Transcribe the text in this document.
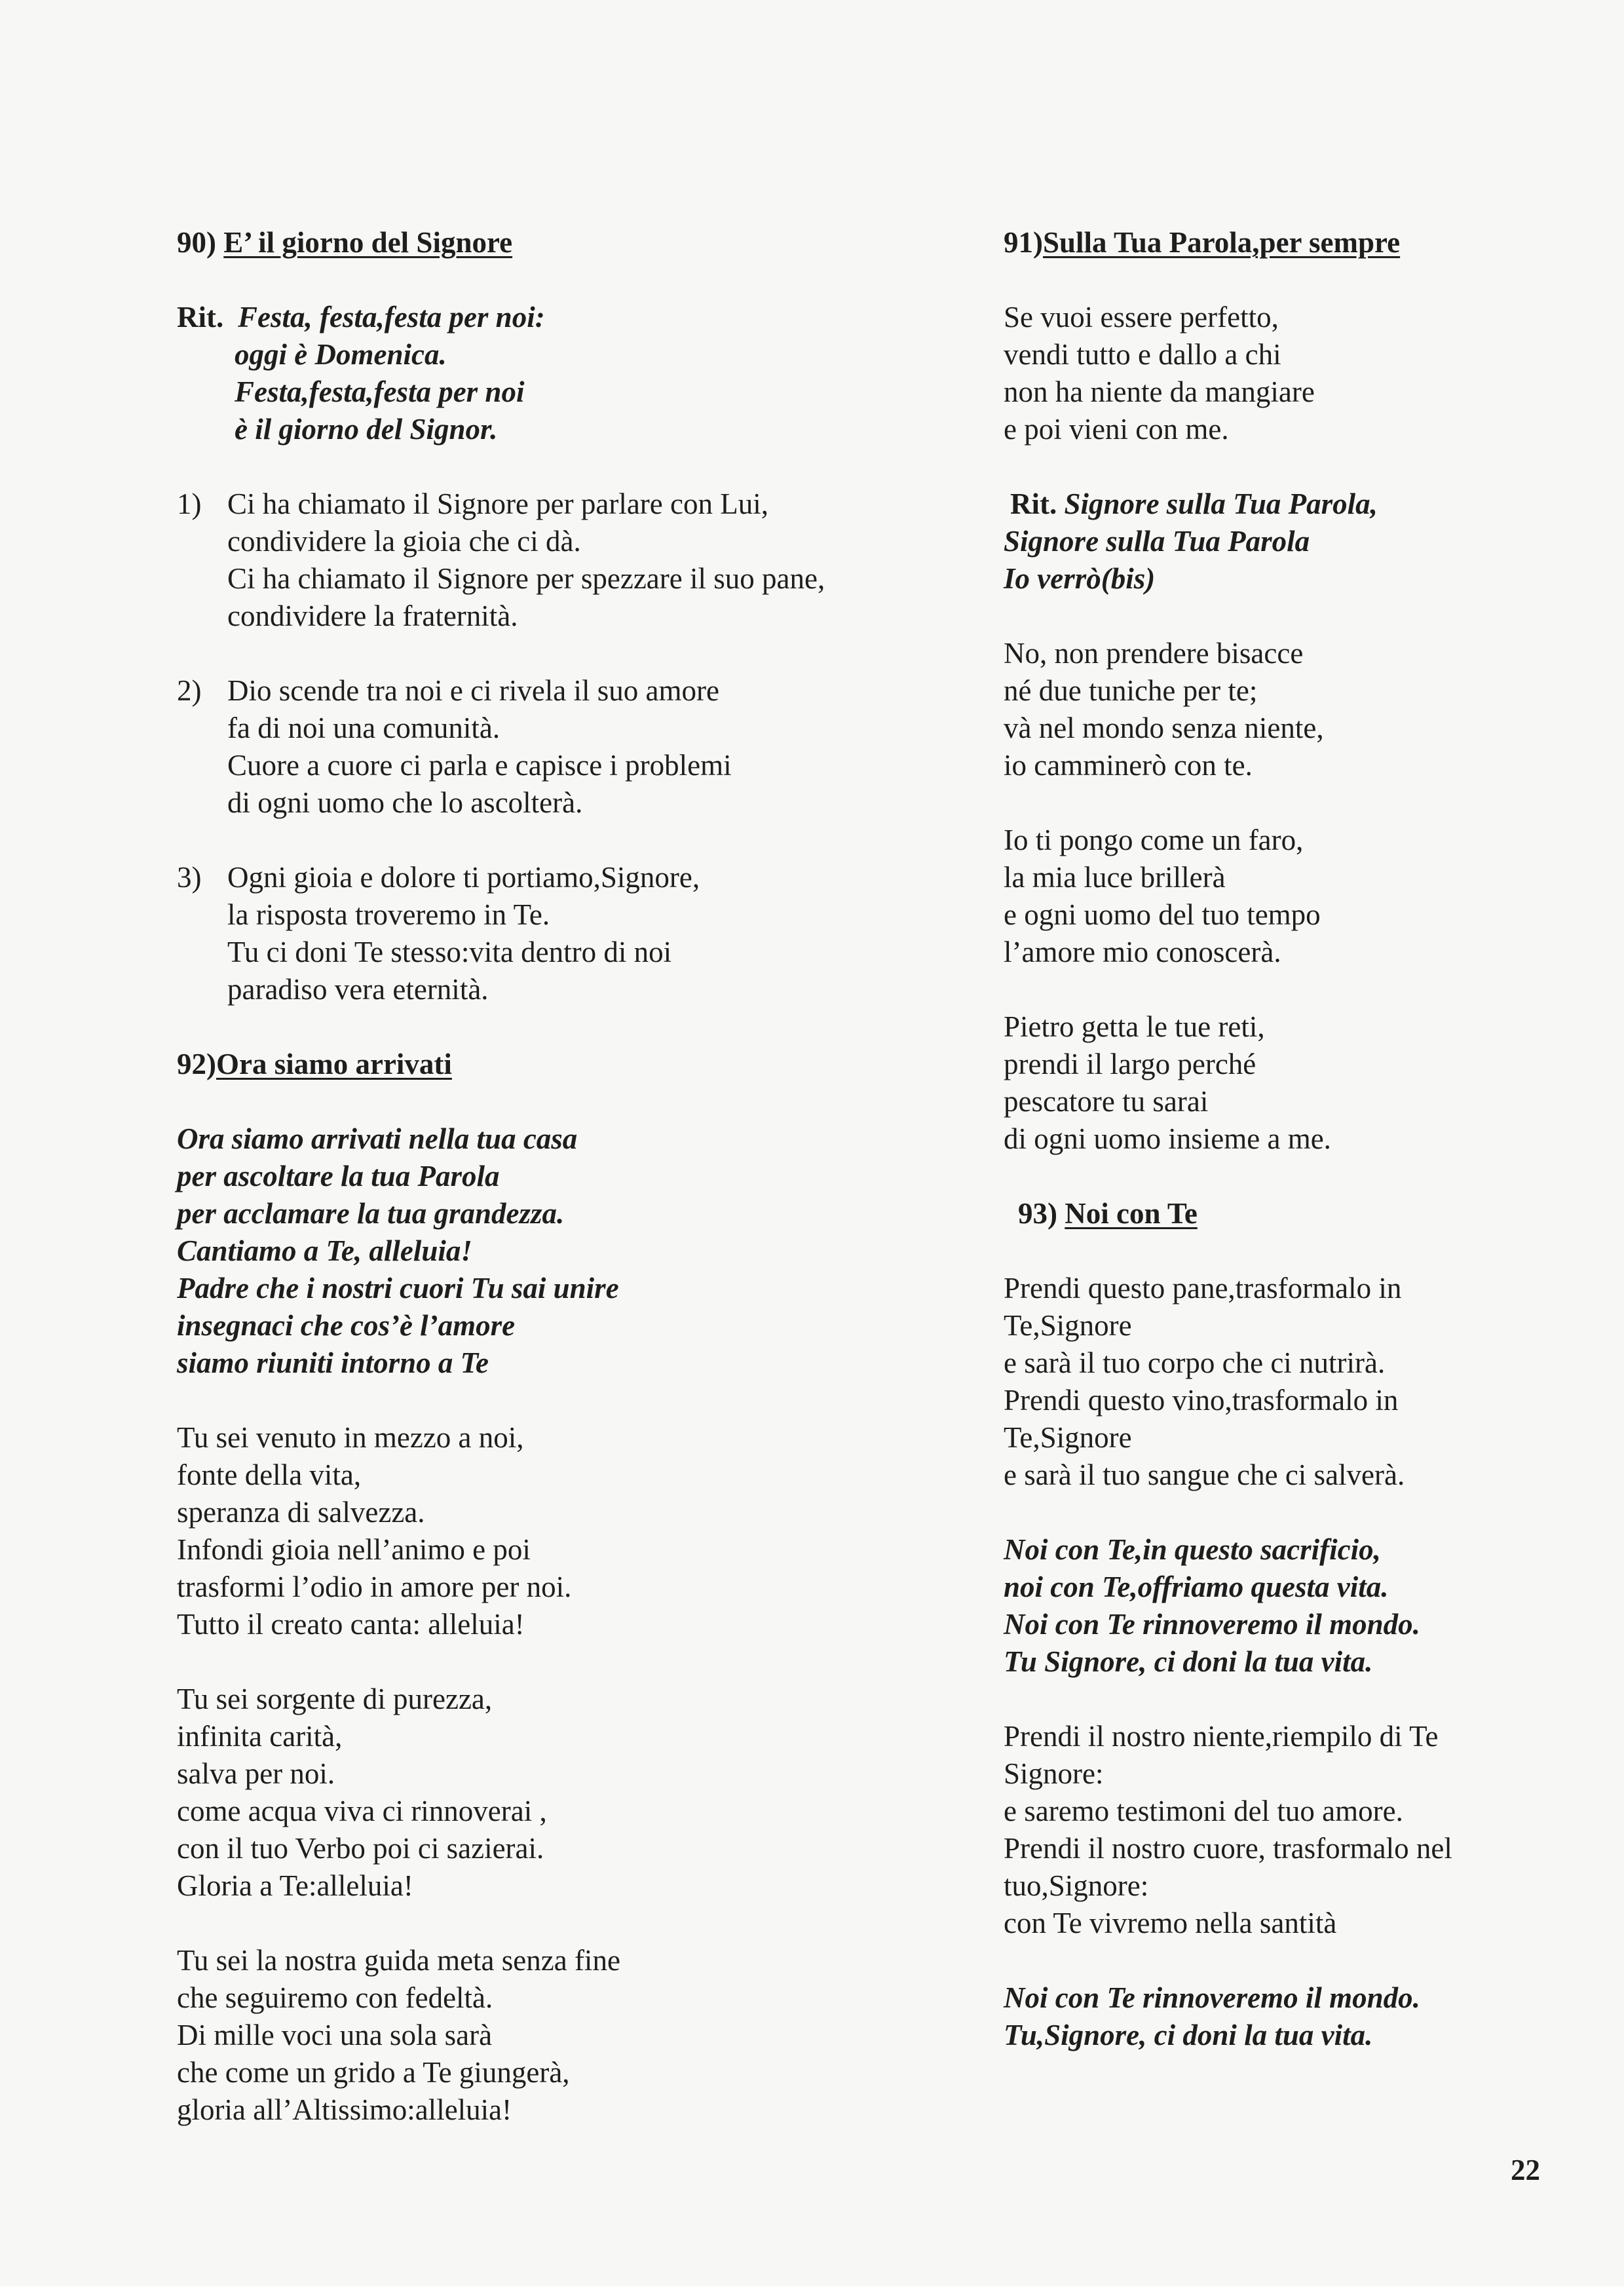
90) E’ il giorno del Signore

Rit. Festa, festa,festa per noi:

oggi è Domenica.

Festa,festa,festa per noi

è il giorno del Signor.

1) Ci ha chiamato il Signore per parlare con Lui,

condividere la gioia che ci dà.

Ci ha chiamato il Signore per spezzare il suo pane,

condividere la fraternità.

2) Dio scende tra noi e ci rivela il suo amore

fa di noi una comunità.

Cuore a cuore ci parla e capisce i problemi

di ogni uomo che lo ascolterà.

3) Ogni gioia e dolore ti portiamo,Signore,

la risposta troveremo in Te.

Tu ci doni Te stesso:vita dentro di noi

paradiso vera eternità.

92)Ora siamo arrivati

Ora siamo arrivati nella tua casa

per ascoltare la tua Parola

per acclamare la tua grandezza.

Cantiamo a Te, alleluia!

Padre che i nostri cuori Tu sai unire

insegnaci che cos’è l’amore

siamo riuniti intorno a Te

Tu sei venuto in mezzo a noi,

fonte della vita,

speranza di salvezza.

Infondi gioia nell’animo e poi

trasformi l’odio in amore per noi.

Tutto il creato canta: alleluia!

Tu sei sorgente di purezza,

infinita carità,

salva per noi.

come acqua viva ci rinnoverai ,

con il tuo Verbo poi ci sazierai.

Gloria a Te:alleluia!

Tu sei la nostra guida meta senza fine

che seguiremo con fedeltà.

Di mille voci una sola sarà

che come un grido a Te giungerà,

gloria all’Altissimo:alleluia!

91)Sulla Tua Parola,per sempre

Se vuoi essere perfetto,

vendi tutto e dallo a chi

non ha niente da mangiare

e poi vieni con me.

Rit. Signore sulla Tua Parola,

Signore sulla Tua Parola

Io verrò(bis)

No, non prendere bisacce

né due tuniche per te;

và nel mondo senza niente,

io camminerò con te.

Io ti pongo come un faro,

la mia luce brillerà

e ogni uomo del tuo tempo

l’amore mio conoscerà.

Pietro getta le tue reti,

prendi il largo perché

pescatore tu sarai

di ogni uomo insieme a me.

93) Noi con Te

Prendi questo pane,trasformalo in

Te,Signore

e sarà il tuo corpo che ci nutrirà.

Prendi questo vino,trasformalo in

Te,Signore

e sarà il tuo sangue che ci salverà.

Noi con Te,in questo sacrificio,

noi con Te,offriamo questa vita.

Noi con Te rinnoveremo il mondo.

Tu Signore, ci doni la tua vita.

Prendi il nostro niente,riempilo di Te

Signore:

e saremo testimoni del tuo amore.

Prendi il nostro cuore, trasformalo nel

tuo,Signore:

con Te vivremo nella santità

Noi con Te rinnoveremo il mondo.

Tu,Signore, ci doni la tua vita.

22
